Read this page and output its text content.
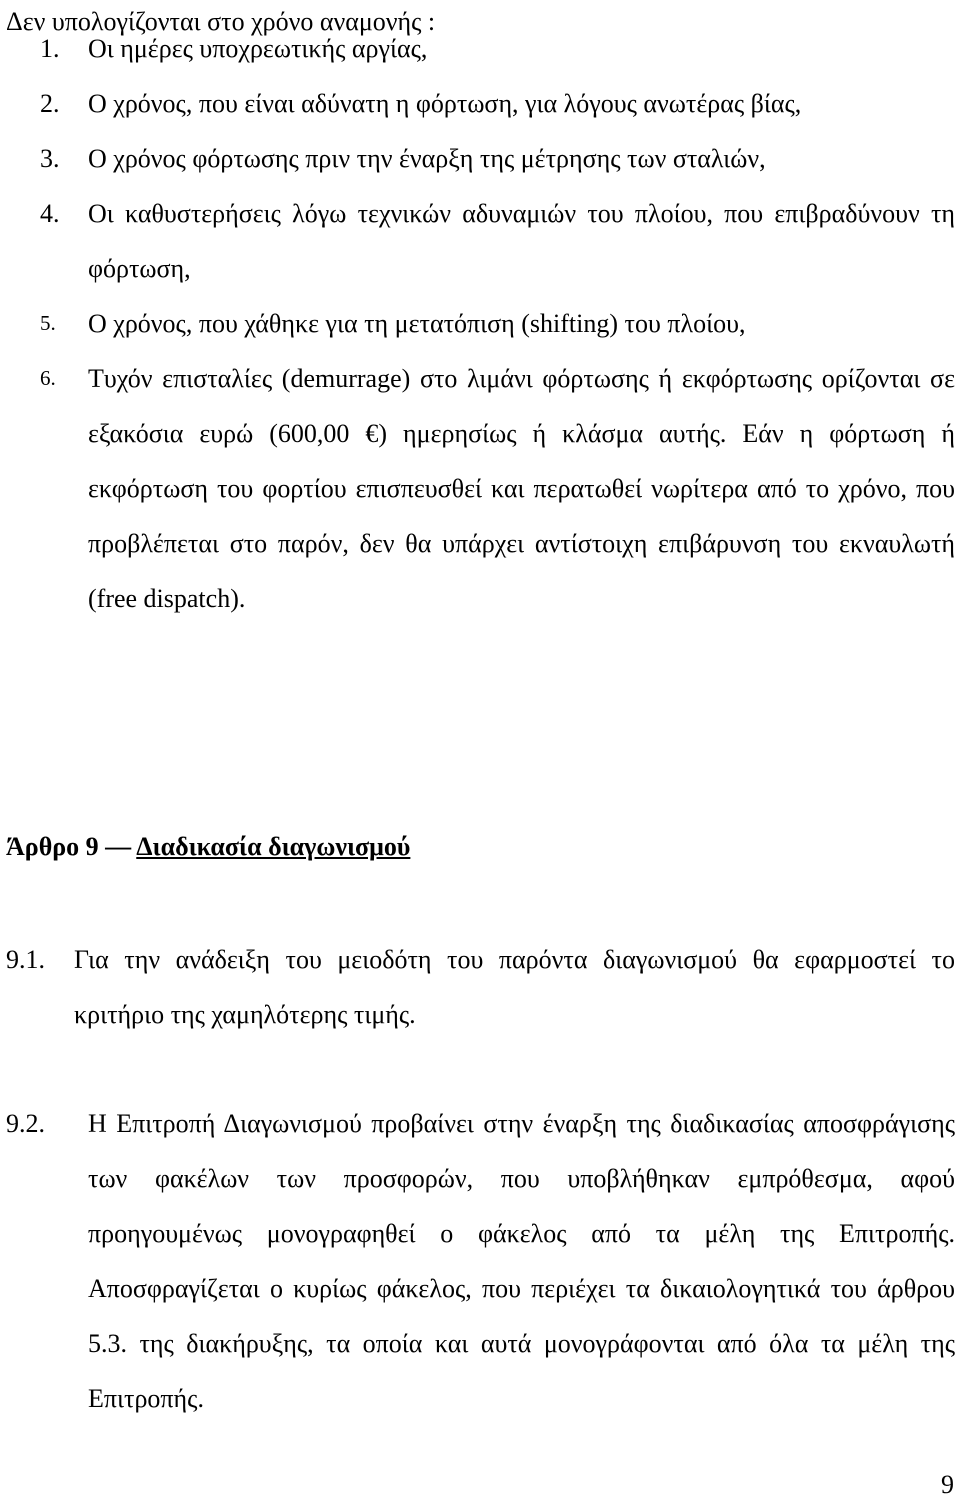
Δεν υπολογίζονται στο χρόνο αναμονής :

1. Οι ημέρες υποχρεωτικής αργίας,
2. Ο χρόνος, που είναι αδύνατη η φόρτωση, για λόγους ανωτέρας βίας,
3. Ο χρόνος φόρτωσης πριν την έναρξη της μέτρησης των σταλιών,
4. Οι καθυστερήσεις λόγω τεχνικών αδυναμιών του πλοίου, που επιβραδύνουν τη φόρτωση,
5. Ο χρόνος, που χάθηκε για τη μετατόπιση (shifting) του πλοίου,
6. Τυχόν επισταλίες (demurrage) στο λιμάνι φόρτωσης ή εκφόρτωσης ορίζονται σε εξακόσια ευρώ (600,00 €) ημερησίως ή κλάσμα αυτής. Εάν η φόρτωση ή εκφόρτωση του φορτίου επισπευσθεί και περατωθεί νωρίτερα από το χρόνο, που προβλέπεται στο παρόν, δεν θα υπάρχει αντίστοιχη επιβάρυνση του εκναυλωτή (free dispatch).
Άρθρο 9 — Διαδικασία διαγωνισμού
9.1. Για την ανάδειξη του μειοδότη του παρόντα διαγωνισμού θα εφαρμοστεί το κριτήριο της χαμηλότερης τιμής.
9.2. Η Επιτροπή Διαγωνισμού προβαίνει στην έναρξη της διαδικασίας αποσφράγισης των φακέλων των προσφορών, που υποβλήθηκαν εμπρόθεσμα, αφού προηγουμένως μονογραφηθεί ο φάκελος από τα μέλη της Επιτροπής. Αποσφραγίζεται ο κυρίως φάκελος, που περιέχει τα δικαιολογητικά του άρθρου 5.3. της διακήρυξης, τα οποία και αυτά μονογράφονται από όλα τα μέλη της Επιτροπής.
9
